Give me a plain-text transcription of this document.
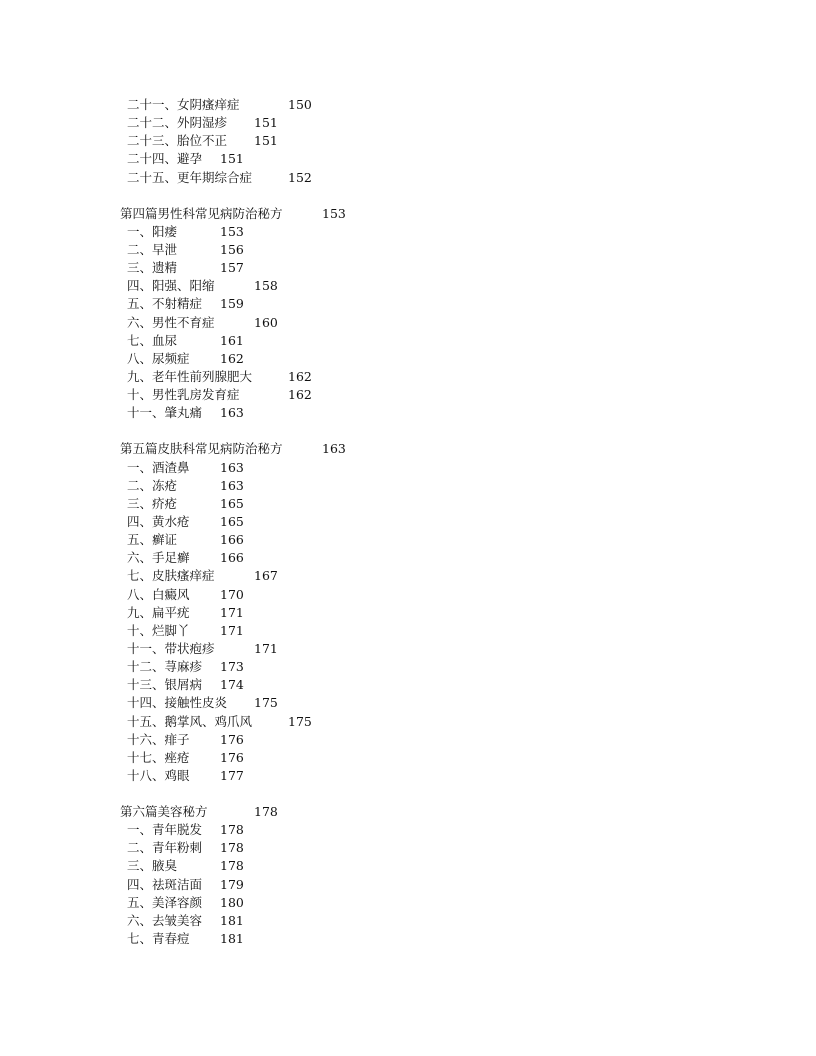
二十一、女阴瘙痒症	150
二十二、外阴湿疹 151
二十三、胎位不正 151
二十四、避孕 151
二十五、更年期综合症	152
第四篇男性科常见病防治秘方	153
一、阳痿	153
二、早泄	156
三、遗精	157
四、阳强、阳缩	158
五、不射精症 159
六、男性不育症	160
七、血尿	161
八、尿频症 162
九、老年性前列腺肥大	162
十、男性乳房发育症	162
十一、肇丸痛 163
第五篇皮肤科常见病防治秘方	163
一、酒渣鼻 163
二、冻疮	163
三、疥疮	165
四、黄水疮 165
五、癣证	166
六、手足癣 166
七、皮肤瘙痒症	167
八、白癜风 170
九、扁平疣 171
十、烂脚丫 171
十一、带状疱疹	171
十二、荨麻疹 173
十三、银屑病 174
十四、接触性皮炎 175
十五、鹅掌风、鸡爪风	175
十六、痱子 176
十七、痤疮 176
十八、鸡眼 177
第六篇美容秘方	178
一、青年脱发 178
二、青年粉刺 178
三、腋臭	178
四、祛斑洁面 179
五、美泽容颜 180
六、去皱美容 181
七、青春痘 181
